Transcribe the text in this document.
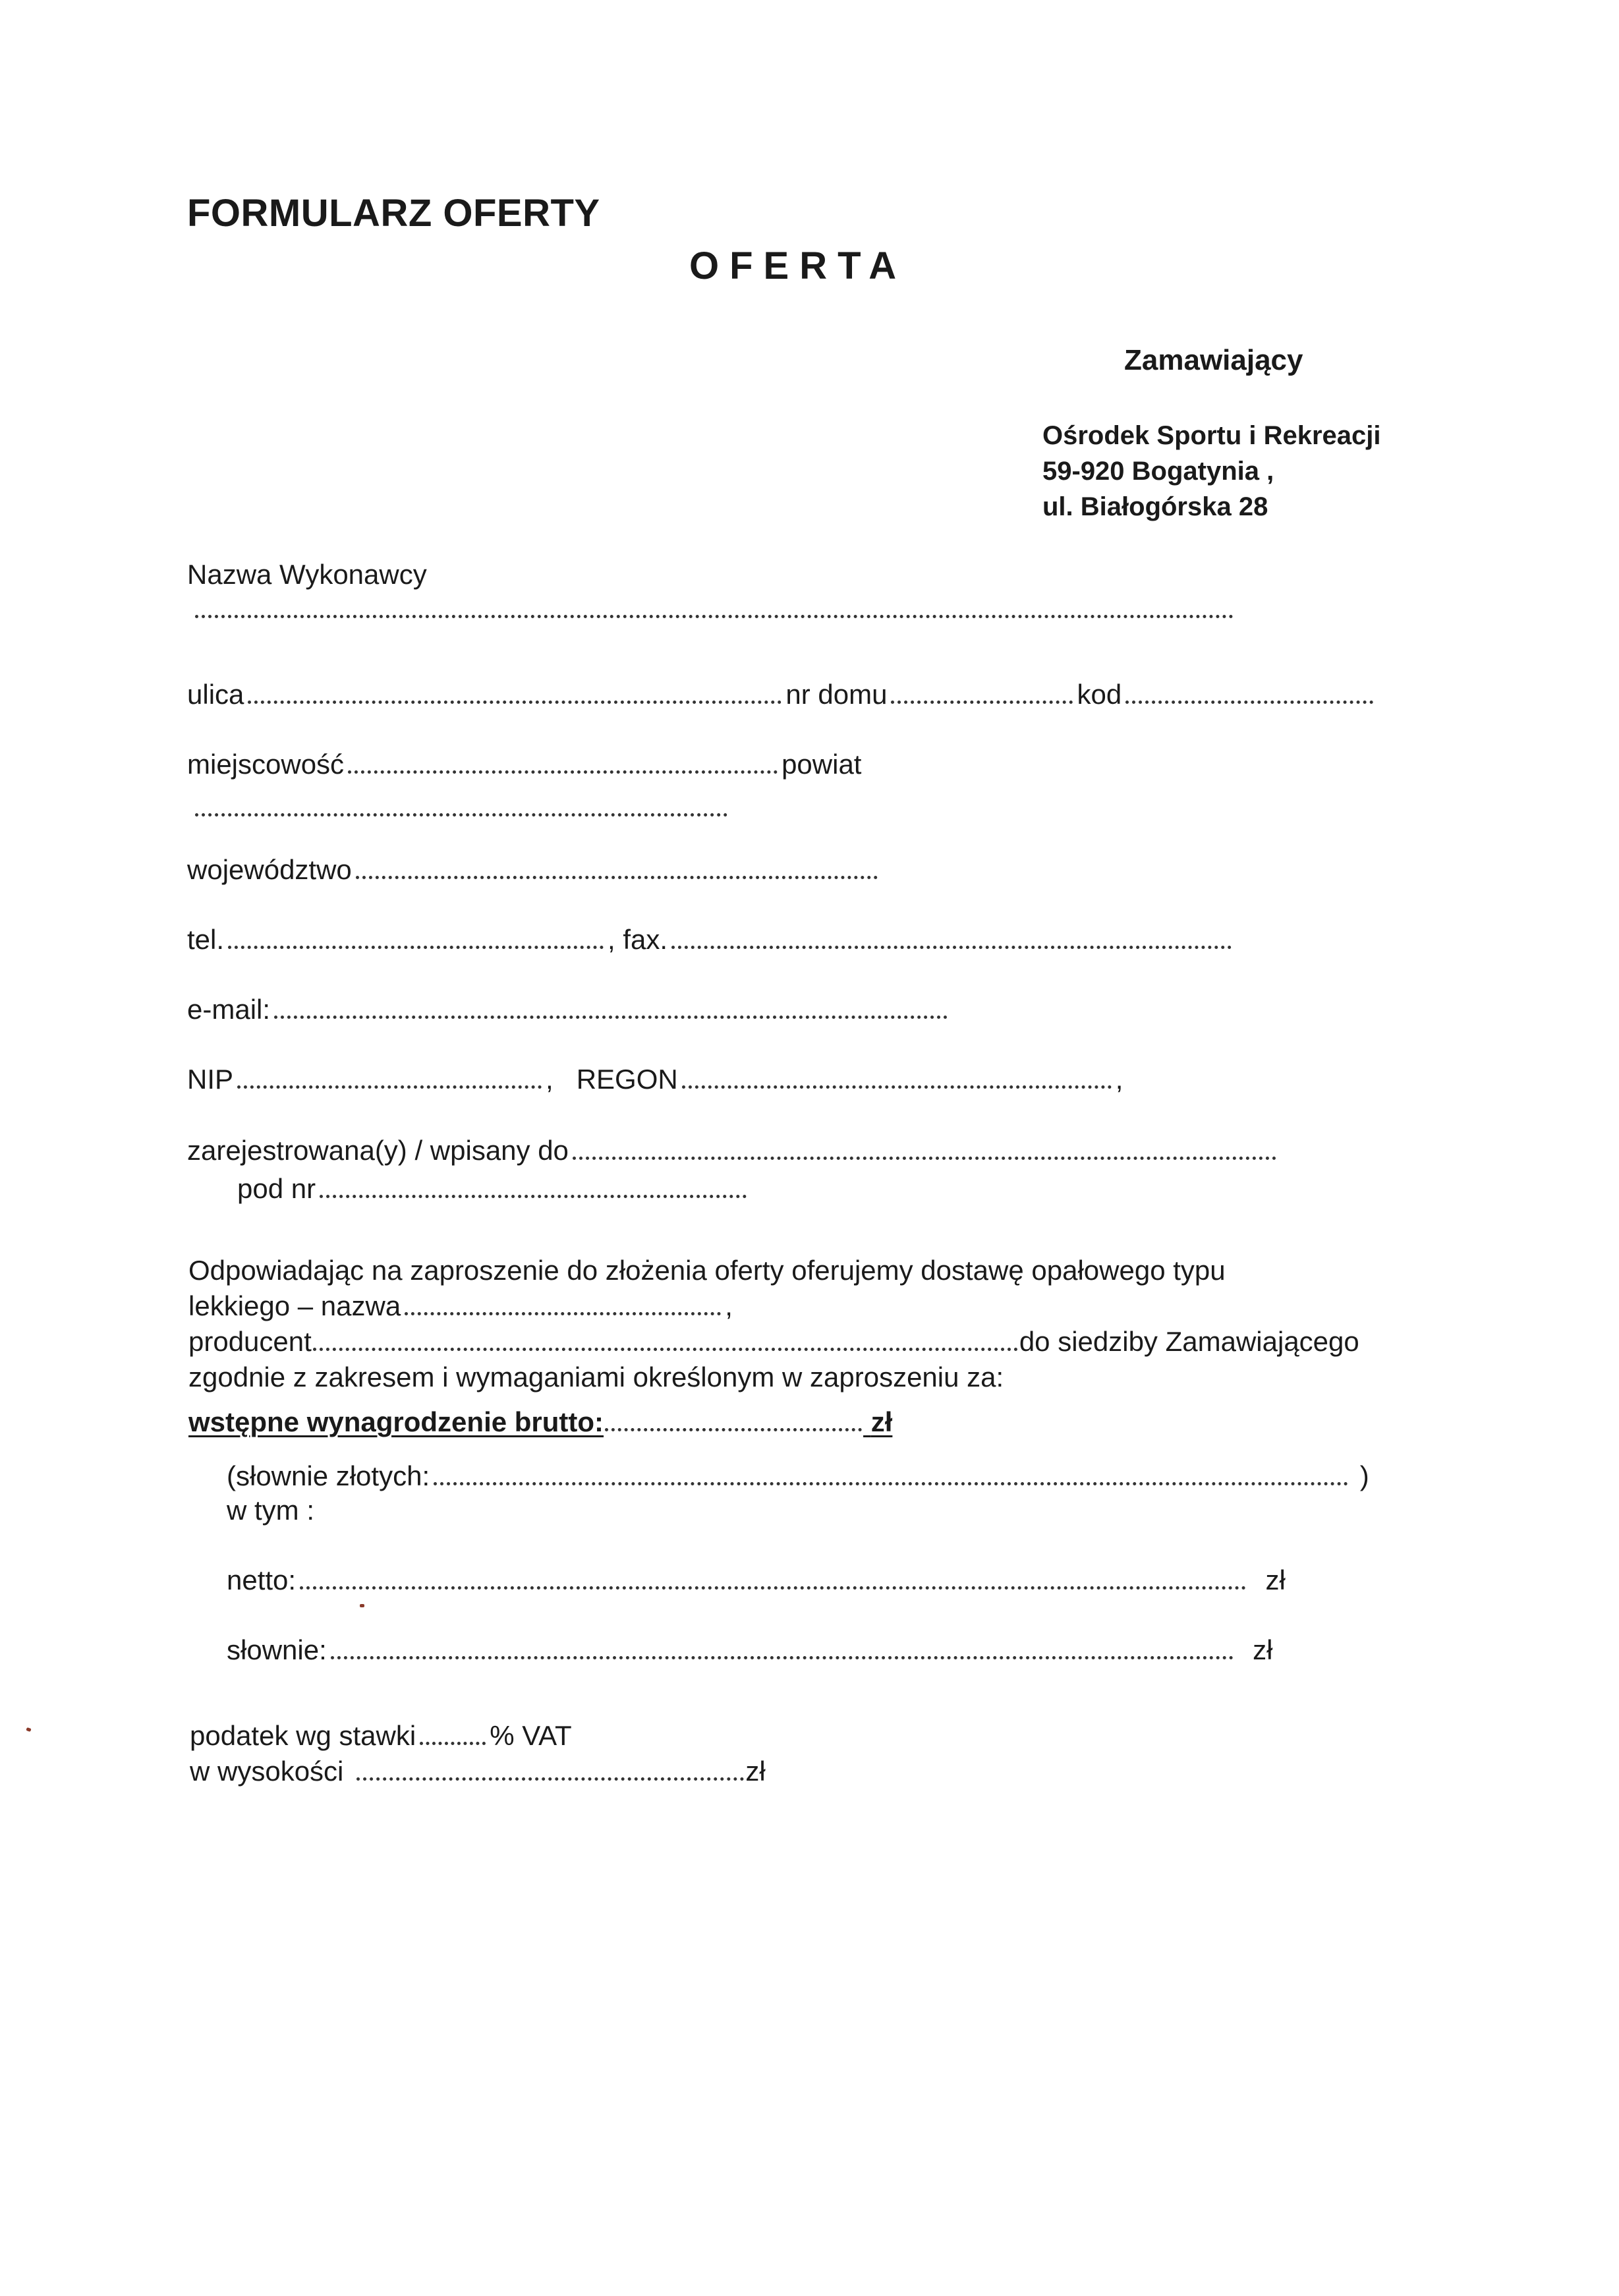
FORMULARZ OFERTY
OFERTA
Zamawiający
Ośrodek Sportu i Rekreacji
59-920 Bogatynia ,
ul. Białogórska 28
Nazwa Wykonawcy
ulica	nr domu	kod
miejscowość	powiat
województwo
tel.	, fax.
e-mail:
NIP	, REGON	,
zarejestrowana(y) / wpisany do
pod nr
Odpowiadając na zaproszenie do złożenia oferty oferujemy dostawę opałowego typu
lekkiego – nazwa	,
producent	do siedziby Zamawiającego
zgodnie z zakresem i wymaganiami określonym w zaproszeniu za:
wstępne wynagrodzenie brutto:	zł
(słownie złotych:	)
w tym :
netto:	zł
słownie:	zł
podatek wg stawki	% VAT
w wysokości	zł
